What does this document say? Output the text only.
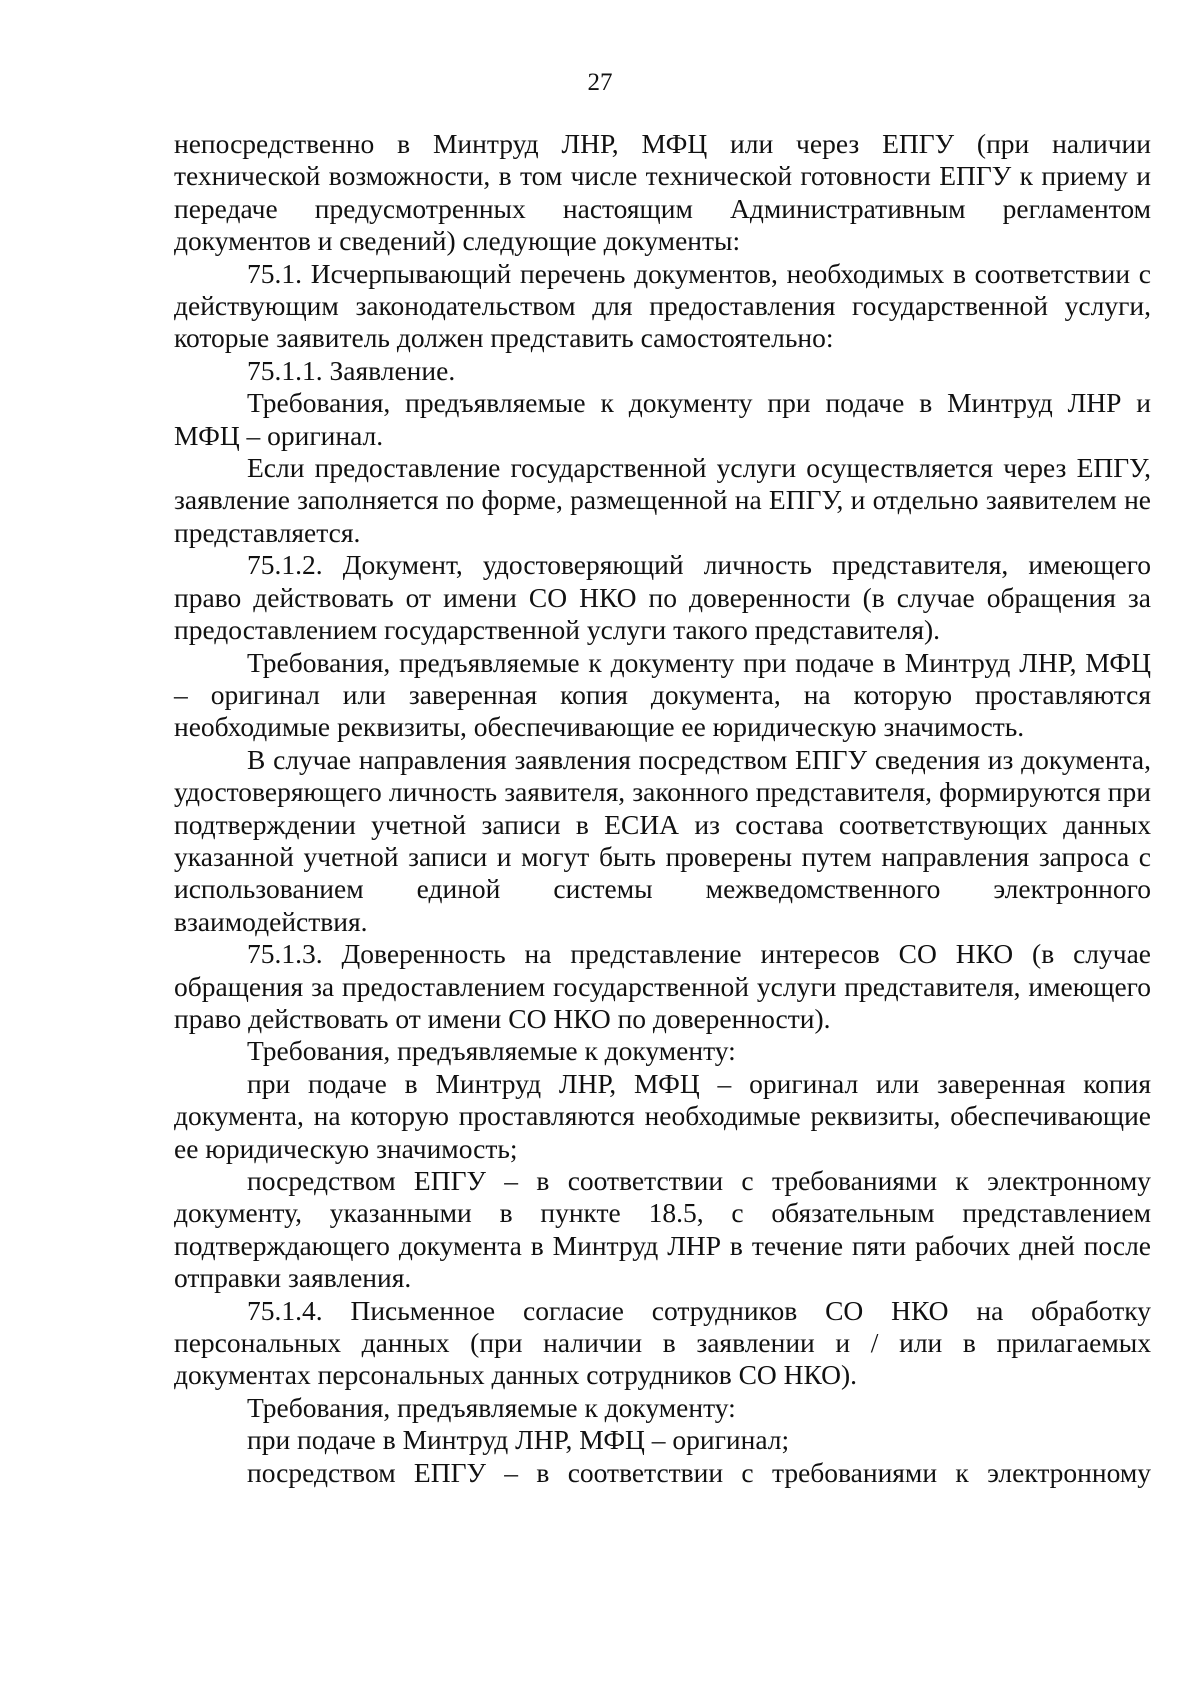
27

непосредственно в Минтруд ЛНР, МФЦ или через ЕПГУ (при наличии технической возможности, в том числе технической готовности ЕПГУ к приему и передаче предусмотренных настоящим Административным регламентом документов и сведений) следующие документы:

75.1. Исчерпывающий перечень документов, необходимых в соответствии с действующим законодательством для предоставления государственной услуги, которые заявитель должен представить самостоятельно:

75.1.1. Заявление.

Требования, предъявляемые к документу при подаче в Минтруд ЛНР и МФЦ – оригинал.

Если предоставление государственной услуги осуществляется через ЕПГУ, заявление заполняется по форме, размещенной на ЕПГУ, и отдельно заявителем не представляется.

75.1.2. Документ, удостоверяющий личность представителя, имеющего право действовать от имени СО НКО по доверенности (в случае обращения за предоставлением государственной услуги такого представителя).

Требования, предъявляемые к документу при подаче в Минтруд ЛНР, МФЦ – оригинал или заверенная копия документа, на которую проставляются необходимые реквизиты, обеспечивающие ее юридическую значимость.

В случае направления заявления посредством ЕПГУ сведения из документа, удостоверяющего личность заявителя, законного представителя, формируются при подтверждении учетной записи в ЕСИА из состава соответствующих данных указанной учетной записи и могут быть проверены путем направления запроса с использованием единой системы межведомственного электронного взаимодействия.

75.1.3. Доверенность на представление интересов СО НКО (в случае обращения за предоставлением государственной услуги представителя, имеющего право действовать от имени СО НКО по доверенности).

Требования, предъявляемые к документу:

при подаче в Минтруд ЛНР, МФЦ – оригинал или заверенная копия документа, на которую проставляются необходимые реквизиты, обеспечивающие ее юридическую значимость;

посредством ЕПГУ – в соответствии с требованиями к электронному документу, указанными в пункте 18.5, с обязательным представлением подтверждающего документа в Минтруд ЛНР в течение пяти рабочих дней после отправки заявления.

75.1.4. Письменное согласие сотрудников СО НКО на обработку персональных данных (при наличии в заявлении и / или в прилагаемых документах персональных данных сотрудников СО НКО).

Требования, предъявляемые к документу:

при подаче в Минтруд ЛНР, МФЦ – оригинал;

посредством ЕПГУ – в соответствии с требованиями к электронному
